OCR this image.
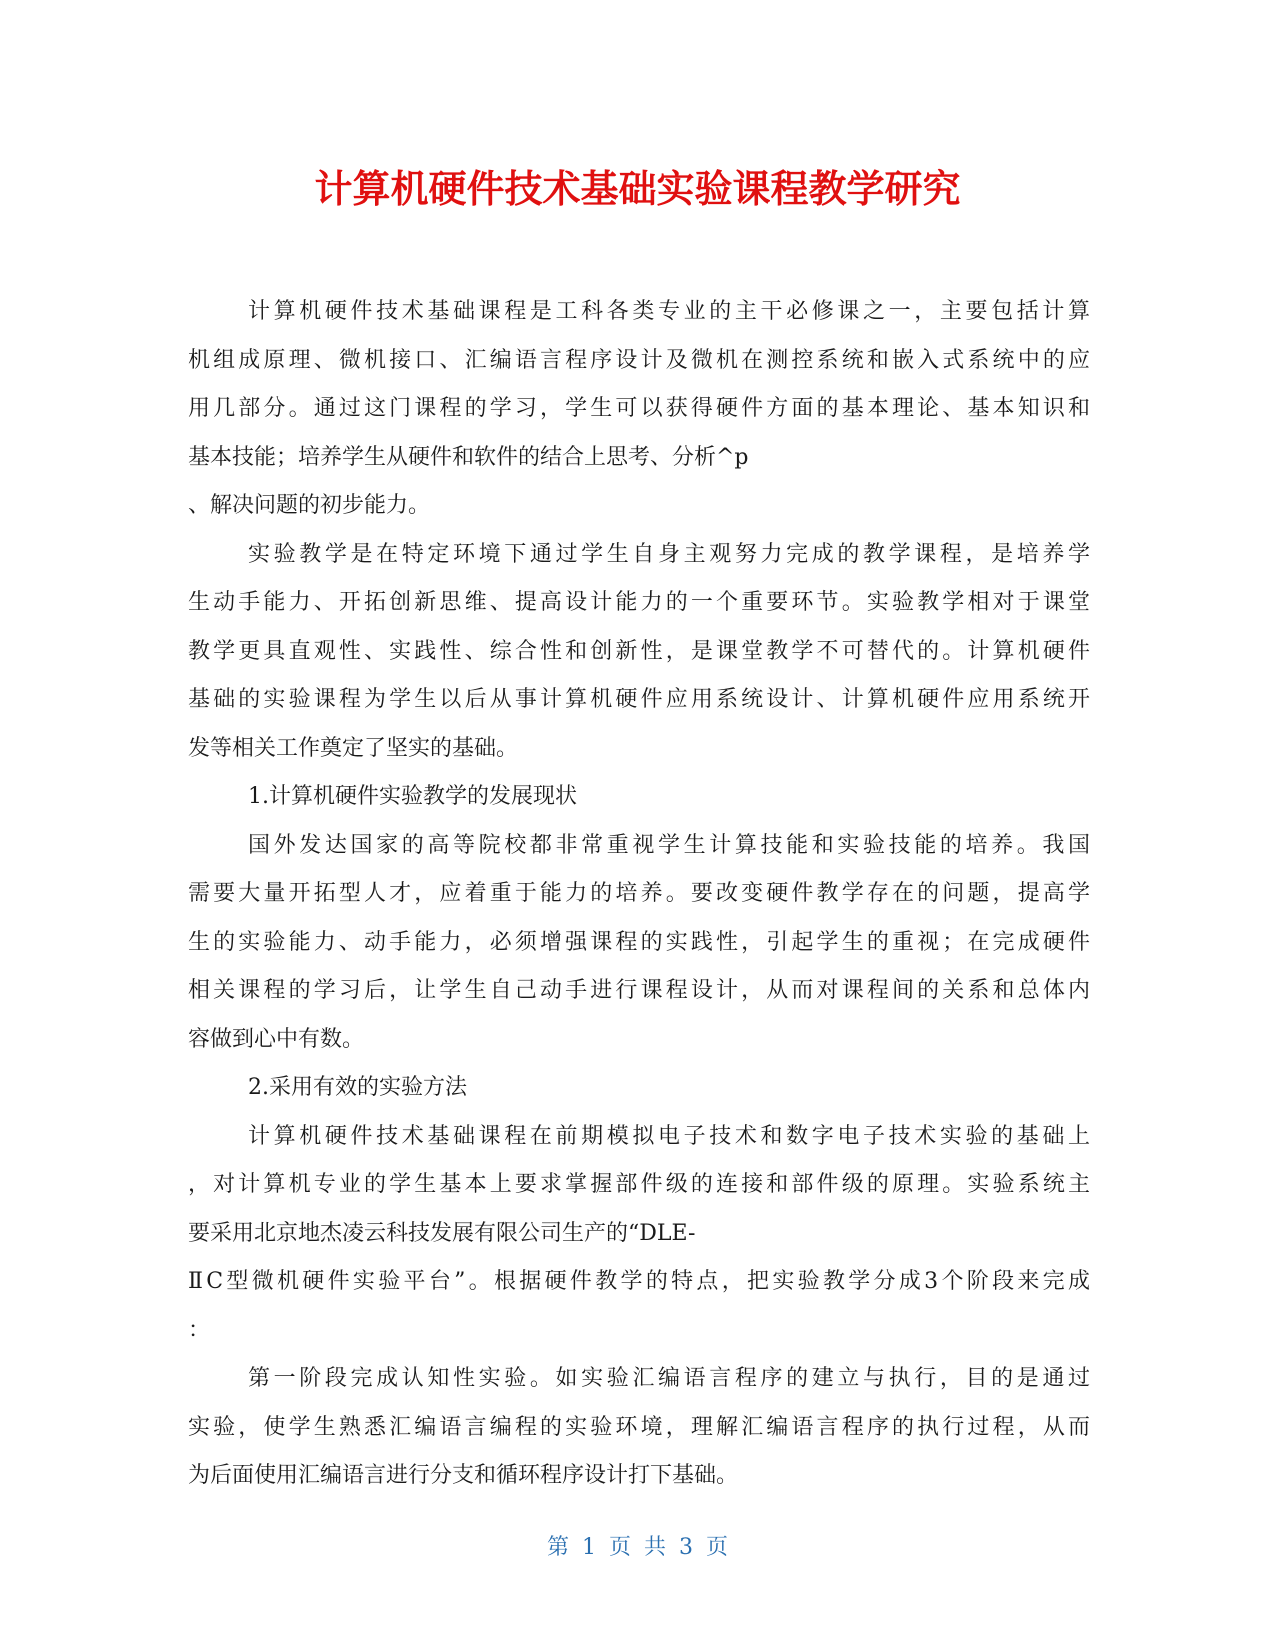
计算机硬件技术基础实验课程教学研究
计算机硬件技术基础课程是工科各类专业的主干必修课之一，主要包括计算
机组成原理、微机接口、汇编语言程序设计及微机在测控系统和嵌入式系统中的应
用几部分。通过这门课程的学习，学生可以获得硬件方面的基本理论、基本知识和
基本技能；培养学生从硬件和软件的结合上思考、分析^p
、解决问题的初步能力。
实验教学是在特定环境下通过学生自身主观努力完成的教学课程，是培养学
生动手能力、开拓创新思维、提高设计能力的一个重要环节。实验教学相对于课堂
教学更具直观性、实践性、综合性和创新性，是课堂教学不可替代的。计算机硬件
基础的实验课程为学生以后从事计算机硬件应用系统设计、计算机硬件应用系统开
发等相关工作奠定了坚实的基础。
1.计算机硬件实验教学的发展现状
国外发达国家的高等院校都非常重视学生计算技能和实验技能的培养。我国
需要大量开拓型人才，应着重于能力的培养。要改变硬件教学存在的问题，提高学
生的实验能力、动手能力，必须增强课程的实践性，引起学生的重视；在完成硬件
相关课程的学习后，让学生自己动手进行课程设计，从而对课程间的关系和总体内
容做到心中有数。
2.采用有效的实验方法
计算机硬件技术基础课程在前期模拟电子技术和数字电子技术实验的基础上
，对计算机专业的学生基本上要求掌握部件级的连接和部件级的原理。实验系统主
要采用北京地杰凌云科技发展有限公司生产的“DLE-
ⅡC型微机硬件实验平台”。根据硬件教学的特点，把实验教学分成3个阶段来完成
：
第一阶段完成认知性实验。如实验汇编语言程序的建立与执行，目的是通过
实验，使学生熟悉汇编语言编程的实验环境，理解汇编语言程序的执行过程，从而
为后面使用汇编语言进行分支和循环程序设计打下基础。
第 1 页 共 3 页
